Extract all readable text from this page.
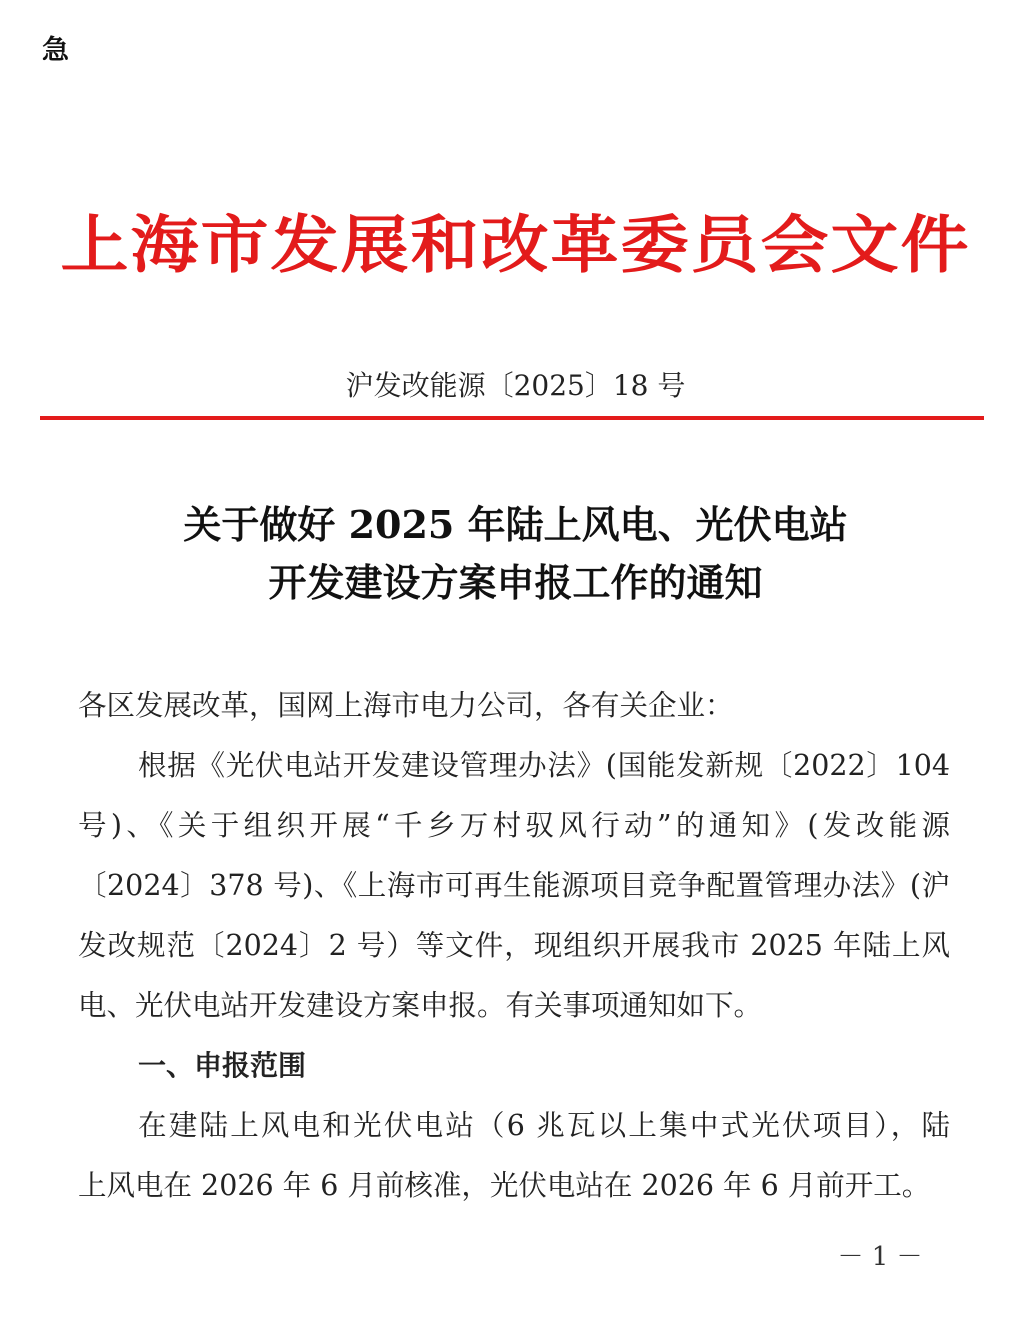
急
上海市发展和改革委员会文件
沪发改能源〔2025〕18 号
关于做好 2025 年陆上风电、光伏电站
开发建设方案申报工作的通知
各区发展改革，国网上海市电力公司，各有关企业：
根据《光伏电站开发建设管理办法》(国能发新规〔2022〕104
号)、《关于组织开展“千乡万村驭风行动”的通知》(发改能源
〔2024〕378 号)、《上海市可再生能源项目竞争配置管理办法》(沪
发改规范〔2024〕2 号）等文件，现组织开展我市 2025 年陆上风
电、光伏电站开发建设方案申报。有关事项通知如下。
一、申报范围
在建陆上风电和光伏电站（6 兆瓦以上集中式光伏项目），陆
上风电在 2026 年 6 月前核准，光伏电站在 2026 年 6 月前开工。
－ 1 －
